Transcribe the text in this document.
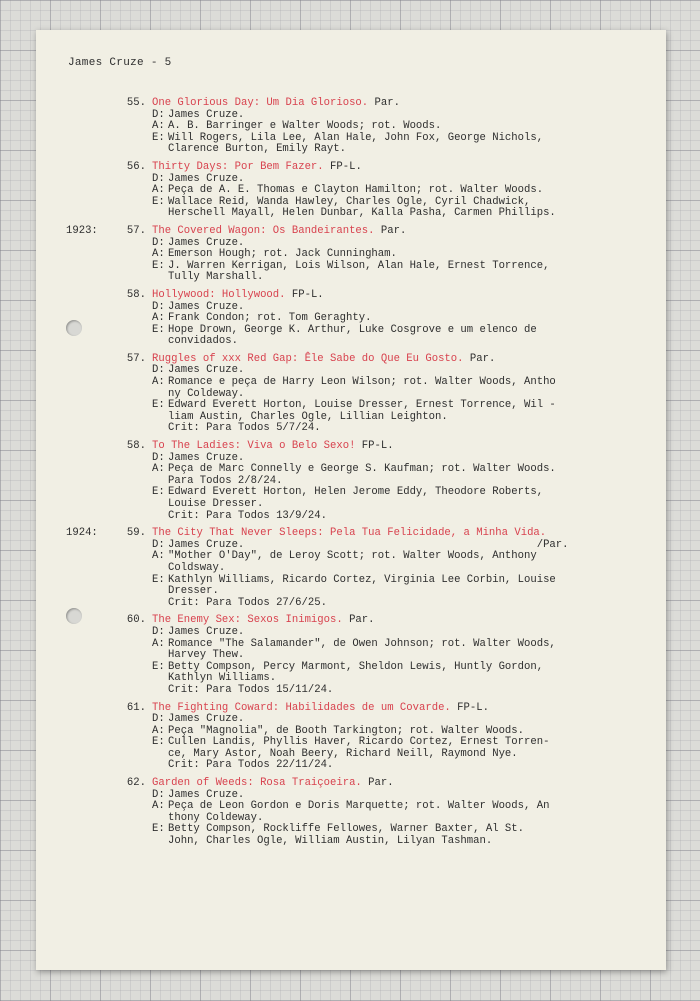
James Cruze - 5
55. One Glorious Day: Um Dia Glorioso. Par.
D: James Cruze.
A: A. B. Barringer e Walter Woods; rot. Woods.
E: Will Rogers, Lila Lee, Alan Hale, John Fox, George Nichols,
Clarence Burton, Emily Rayt.
56. Thirty Days: Por Bem Fazer. FP-L.
D: James Cruze.
A: Peça de A. E. Thomas e Clayton Hamilton; rot. Walter Woods.
E: Wallace Reid, Wanda Hawley, Charles Ogle, Cyril Chadwick,
Herschell Mayall, Helen Dunbar, Kalla Pasha, Carmen Phillips.
1923:	57. The Covered Wagon: Os Bandeirantes. Par.
D: James Cruze.
A: Emerson Hough; rot. Jack Cunningham.
E: J. Warren Kerrigan, Lois Wilson, Alan Hale, Ernest Torrence,
Tully Marshall.
58. Hollywood: Hollywood. FP-L.
D: James Cruze.
A: Frank Condon; rot. Tom Geraghty.
E: Hope Drown, George K. Arthur, Luke Cosgrove e um elenco de
convidados.
57. Ruggles of xxx Red Gap: Êle Sabe do Que Eu Gosto. Par.
D: James Cruze.
A: Romance e peça de Harry Leon Wilson; rot. Walter Woods, Antho
ny Coldeway.
E: Edward Everett Horton, Louise Dresser, Ernest Torrence, Wil -
liam Austin, Charles Ogle, Lillian Leighton.
Crit: Para Todos 5/7/24.
58. To The Ladies: Viva o Belo Sexo! FP-L.
D: James Cruze.
A: Peça de Marc Connelly e George S. Kaufman; rot. Walter Woods.
Para Todos 2/8/24.
E: Edward Everett Horton, Helen Jerome Eddy, Theodore Roberts,
Louise Dresser.
Crit: Para Todos 13/9/24.
1924:	59. The City That Never Sleeps: Pela Tua Felicidade, a Minha Vida.
D: James Cruze.                                              /Par.
A: "Mother O'Day", de Leroy Scott; rot. Walter Woods, Anthony
Coldsway.
E: Kathlyn Williams, Ricardo Cortez, Virginia Lee Corbin, Louise
Dresser.
Crit: Para Todos 27/6/25.
60. The Enemy Sex: Sexos Inimigos. Par.
D: James Cruze.
A: Romance "The Salamander", de Owen Johnson; rot. Walter Woods,
Harvey Thew.
E: Betty Compson, Percy Marmont, Sheldon Lewis, Huntly Gordon,
Kathlyn Williams.
Crit: Para Todos 15/11/24.
61. The Fighting Coward: Habilidades de um Covarde. FP-L.
D: James Cruze.
A: Peça "Magnolia", de Booth Tarkington; rot. Walter Woods.
E: Cullen Landis, Phyllis Haver, Ricardo Cortez, Ernest Torren-
ce, Mary Astor, Noah Beery, Richard Neill, Raymond Nye.
Crit: Para Todos 22/11/24.
62. Garden of Weeds: Rosa Traiçoeira. Par.
D: James Cruze.
A: Peça de Leon Gordon e Doris Marquette; rot. Walter Woods, An
thony Coldeway.
E: Betty Compson, Rockliffe Fellowes, Warner Baxter, Al St.
John, Charles Ogle, William Austin, Lilyan Tashman.
